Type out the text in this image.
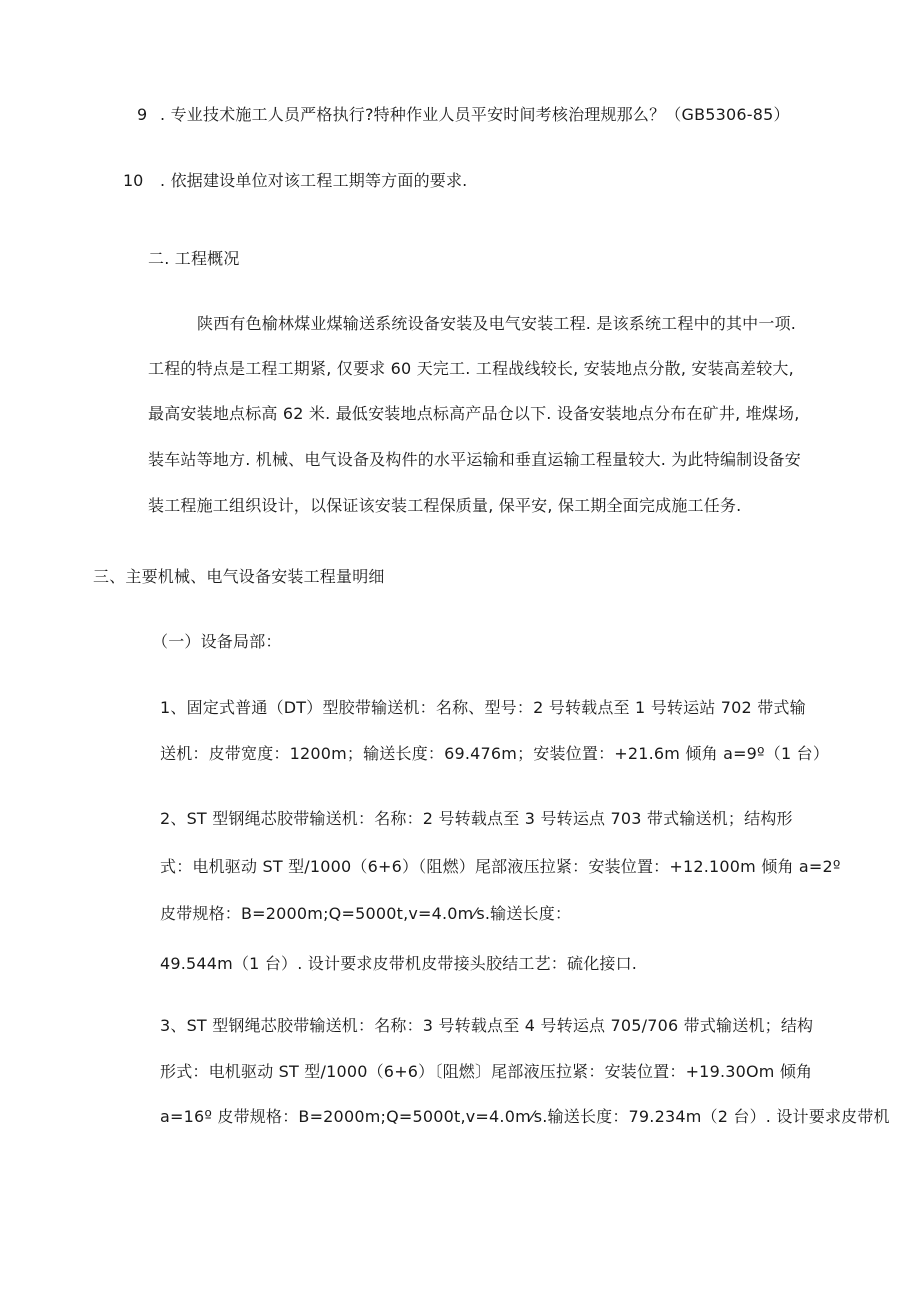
9 . 专业技术施工人员严格执行?特种作业人员平安时间考核治理规那么？（GB5306-85）
10 . 依据建设单位对该工程工期等方面的要求.
二. 工程概况
陕西有色榆林煤业煤输送系统设备安装及电气安装工程. 是该系统工程中的其中一项.
工程的特点是工程工期紧, 仅要求 60 天完工. 工程战线较长, 安装地点分散, 安装高差较大,
最高安装地点标高 62 米. 最低安装地点标高产品仓以下. 设备安装地点分布在矿井, 堆煤场,
装车站等地方. 机械、电气设备及构件的水平运输和垂直运输工程量较大. 为此特编制设备安
装工程施工组织设计，以保证该安装工程保质量, 保平安, 保工期全面完成施工任务.
三、主要机械、电气设备安装工程量明细
（一）设备局部：
1、固定式普通（DT）型胶带输送机：名称、型号：2 号转载点至 1 号转运站 702 带式输
送机：皮带宽度：1200m；输送长度：69.476m；安装位置：+21.6m 倾角 a=9º（1 台）
2、ST 型钢绳芯胶带输送机：名称：2 号转载点至 3 号转运点 703 带式输送机；结构形
式：电机驱动 ST 型/1000（6+6）（阻燃）尾部液压拉紧：安装位置：+12.100m 倾角 a=2º
皮带规格：B=2000m;Q=5000t,v=4.0m⁄s.输送长度：
49.544m（1 台）. 设计要求皮带机皮带接头胶结工艺：硫化接口.
3、ST 型钢绳芯胶带输送机：名称：3 号转载点至 4 号转运点 705/706 带式输送机；结构
形式：电机驱动 ST 型/1000（6+6）〔阻燃〕尾部液压拉紧：安装位置：+19.30Om 倾角
a=16º 皮带规格：B=2000m;Q=5000t,v=4.0m⁄s.输送长度：79.234m（2 台）. 设计要求皮带机
